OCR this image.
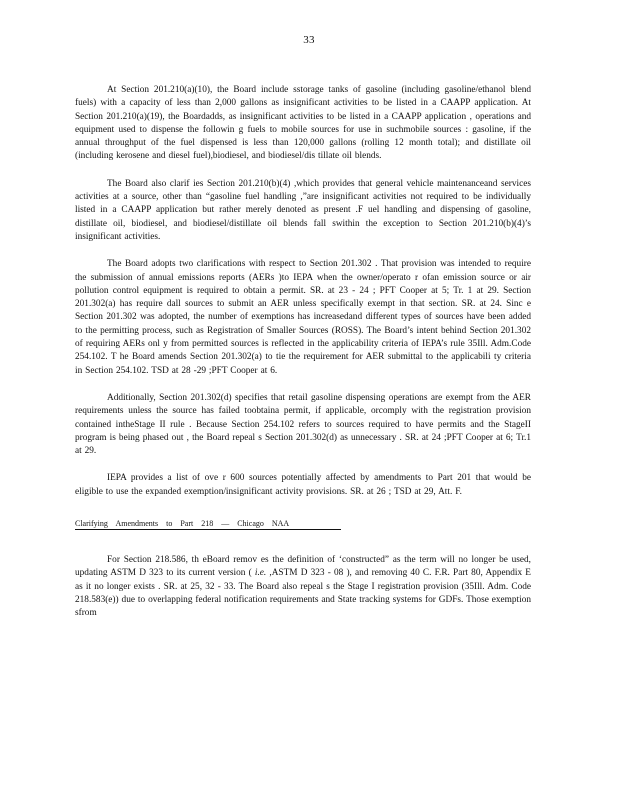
33

At Section 201.210(a)(10), the Board include sstorage tanks of gasoline (including gasoline/ethanol blend fuels) with a capacity of less than 2,000 gallons as insignificant activities to be listed in a CAAPP application. At Section 201.210(a)(19), the Boardadds, as insignificant activities to be listed in a CAAPP application , operations and equipment used to dispense the followin g fuels to mobile sources for use in suchmobile sources : gasoline, if the annual throughput of the fuel dispensed is less than 120,000 gallons (rolling 12 month total); and distillate oil (including kerosene and diesel fuel),biodiesel, and biodiesel/dis tillate oil blends.

The Board also clarif ies Section 201.210(b)(4) ,which provides that general vehicle maintenanceand services activities at a source, other than “gasoline fuel handling ,”are insignificant activities not required to be individually listed in a CAAPP application but rather merely denoted as present .F uel handling and dispensing of gasoline, distillate oil, biodiesel, and biodiesel/distillate oil blends fall swithin the exception to Section 201.210(b)(4)’s insignificant activities.

The Board adopts two clarifications with respect to Section 201.302 . That provision was intended to require the submission of annual emissions reports (AERs )to IEPA when the owner/operato r ofan emission source or air pollution control equipment is required to obtain a permit. SR. at 23 - 24 ; PFT Cooper at 5; Tr. 1 at 29. Section 201.302(a) has require dall sources to submit an AER unless specifically exempt in that section. SR. at 24. Sinc e Section 201.302 was adopted, the number of exemptions has increasedand different types of sources have been added to the permitting process, such as Registration of Smaller Sources (ROSS). The Board’s intent behind Section 201.302 of requiring AERs onl y from permitted sources is reflected in the applicability criteria of IEPA’s rule 35Ill. Adm.Code 254.102. T he Board amends Section 201.302(a) to tie the requirement for AER submittal to the applicabili ty criteria in Section 254.102. TSD at 28 -29 ;PFT Cooper at 6.

Additionally, Section 201.302(d) specifies that retail gasoline dispensing operations are exempt from the AER requirements unless the source has failed toobtaina permit, if applicable, orcomply with the registration provision contained intheStage II rule . Because Section 254.102 refers to sources required to have permits and the StageII program is being phased out , the Board repeal s Section 201.302(d) as unnecessary . SR. at 24 ;PFT Cooper at 6; Tr.1 at 29.

IEPA provides a list of ove r 600 sources potentially affected by amendments to Part 201 that would be eligible to use the expanded exemption/insignificant activity provisions. SR. at 26 ; TSD at 29, Att. F.

Clarifying Amendments to Part 218 — Chicago NAA

For Section 218.586, th eBoard remov es the definition of ‘constructed” as the term will no longer be used, updating ASTM D 323 to its current version ( i.e. ,ASTM D 323 - 08 ), and removing 40 C. F.R. Part 80, Appendix E as it no longer exists . SR. at 25, 32 - 33. The Board also repeal s the Stage I registration provision (35Ill. Adm. Code 218.583(e)) due to overlapping federal notification requirements and State tracking systems for GDFs. Those exemption sfrom
